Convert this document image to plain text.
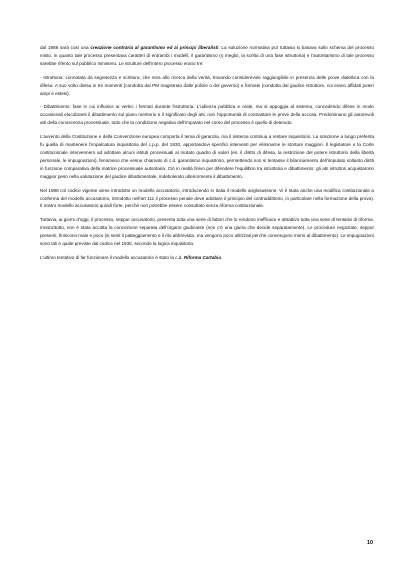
dal 1988 sarà così una creazione contraria al garantismo ed ai principi liberalisti. La soluzione normativa pur tuttavia si basava sullo schema del processo misto, in quanto tale processo presentava caratteri di entrambi i modelli, il garantismo (o meglio, la scelta di una fase istruttoria) e l'autoritarismo di tale processo sarebbe riferito sul pubblico ministero. Le strutture dell'intero processo erano tre:

- Istruttoria: connotata da segretezza e scrittura, che mira allo ricerca della verità, trovando considerevole raggiungibile in presenza delle prove dialettica con la difesa. A suo volto divisa in tre momenti (condotta dal PM magistrato dalle polizie o del governo) e formale (condotta dal giudice istruttore, cui erano affidati poteri ampi e estesi).

- Dibattimento: fase in cui influisce ai vertici i formati durante l'istruttoria. L'udienza pubblica e orale, ma si appoggia al sistema, concedendo difese in modo occasionali elucubranti il dibattimento sul piano meritorio e il significato degli atti, non l'opportunità di contrastare le prove della accusa. Predominano gli autorevoli atti della conoscenza processuale, tutto che la condizione negativa dell'imputato nel corso del processo è quello di detenuto.

L'avvento della Costituzione e della Convenzione europea comporta il tema di garanzia, ma il sistema continua a restare inquisitorio. La soluzione a lungo preferita fu quella di mantenere l'impalcatura inquisitoria del c.p.p. del 1930, apportandovi specifici interventi per eliminarne le storture maggiori. Il legislatore e la Corte costituzionale intervennero ad adottare alcuni istituti processuali al mutato quadro di valori (es. il diritto di difesa, la restrizione del potere istruttorio della libertà personale, le impugnazioni), fenomeno che venne chiamato di c.d. garantismo inquisitorio, permettendo non si tentasse il bilanciamento dell'imputato soltanto diritti in funzione comparativa della matrice processuale autoritaria. Ciò in realtà finivo per difendere l'equilibrio tra istruttoria e dibattimento: gli atti istruttori acquistarono maggior peso nella valutazione del giudice dibattimentale, indebolendo ulteriormente il dibattimento.

Nel 1988 col codice vigente viene introdotto un modello accusatorio, introducendo in Italia il modello anglosassone. Vi è stata anche una modifica costituzionale a conferma del modello accusatorio, introdotto nell'art 111 il processo penale deve adottare il principio del contraddittorio, in particolare nella formazione della prova). Il nostro modello accusatorio quindi forte, perché non potrebbe essere consultato senza riforma costituzionale.

Tuttavia, ai giorni d'oggi, il processo, seppur accusatorio, presenta tutta una serie di fattori che lo rendono inefficace e attrattivo tutta una serie di tentativi di riforma. Innanzitutto, non è stata accolta la concezione separata dell'organo giudicante (non c'è una giurìa che decide separatamente). Le procedure negoziate, seppur presenti, finiscono male e poco (si senti il patteggiamento e il rito abbreviato, ma vengono poco utilizzati perché convengono meno al dibattimento). Le impugnazioni sono tali e quale previste dal codice nel 1930, secondo la logica inquisitoria.

L'ultimo tentativo di far funzionare il modello accusatorio è stato la c.d. Riforma Cartabia.

10
